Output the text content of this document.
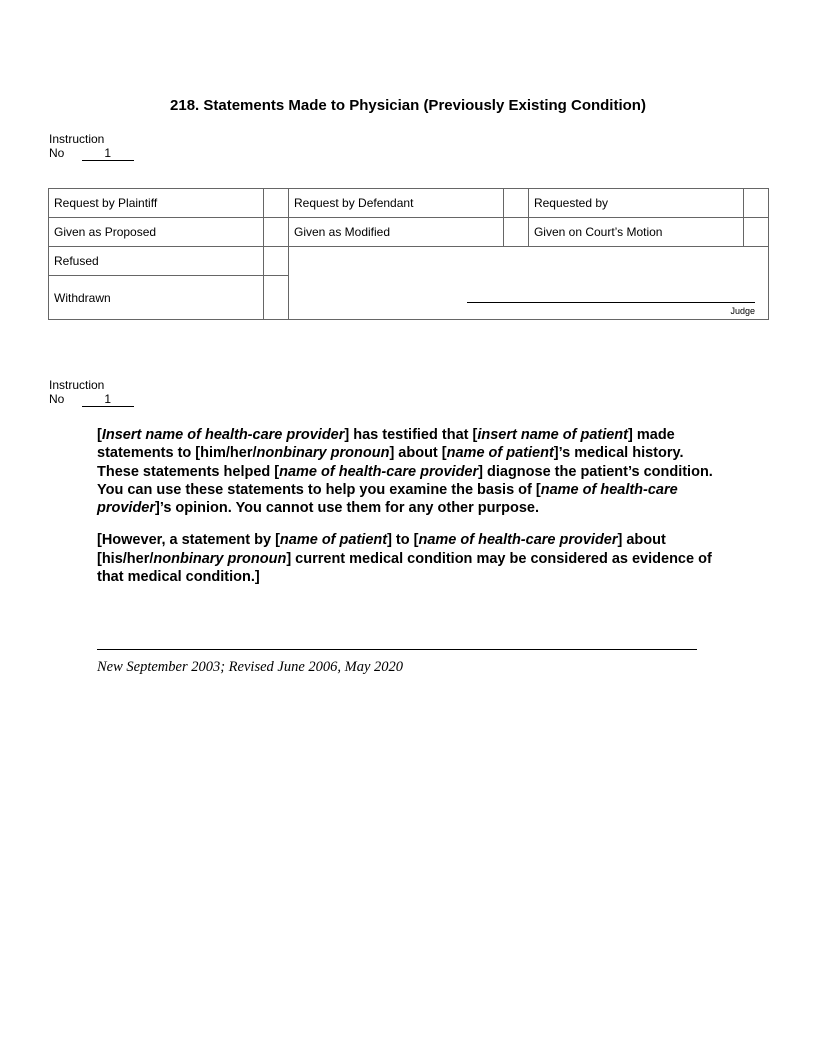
218. Statements Made to Physician (Previously Existing Condition)
Instruction
No	1
Request by Plaintiff		Request by Defendant		Requested by	
Given as Proposed		Given as Modified		Given on Court’s Motion	
Refused		Judge			

Withdrawn					
Instruction
No	1

[Insert name of health-care provider] has testified that [insert name of patient] made statements to [him/her/nonbinary pronoun] about [name of patient]’s medical history. These statements helped [name of health-care provider] diagnose the patient’s condition. You can use these statements to help you examine the basis of [name of health-care provider]’s opinion. You cannot use them for any other purpose.

[However, a statement by [name of patient] to [name of health-care provider] about [his/her/nonbinary pronoun] current medical condition may be considered as evidence of that medical condition.]

New September 2003; Revised June 2006, May 2020
